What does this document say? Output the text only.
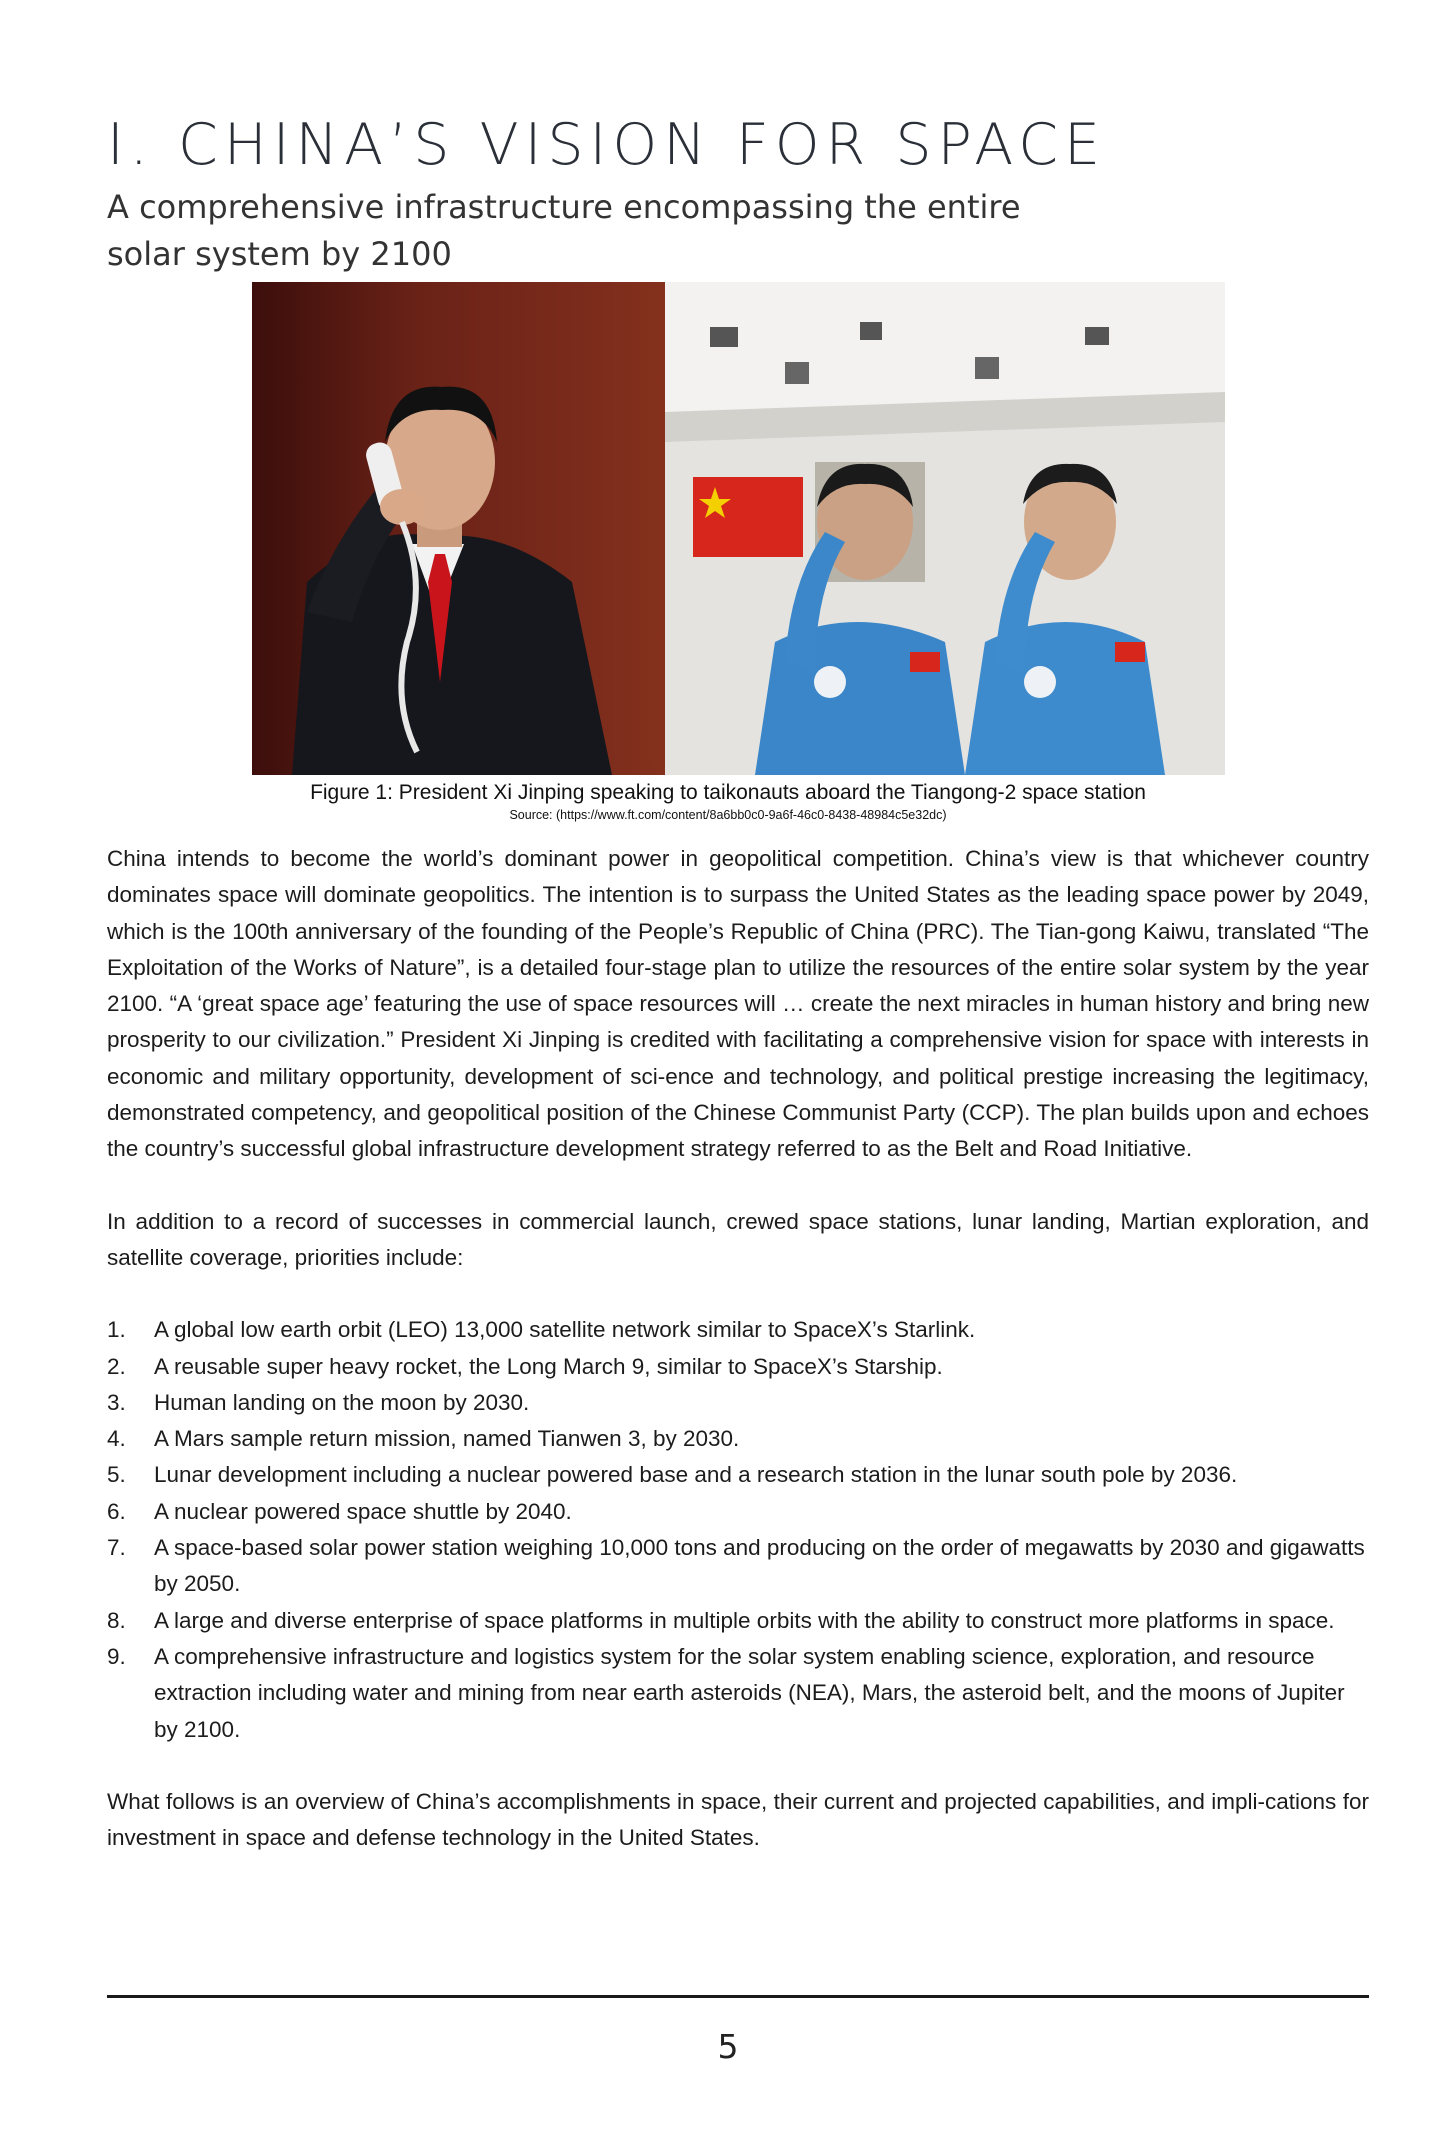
I. CHINA’S VISION FOR SPACE
A comprehensive infrastructure encompassing the entire solar system by 2100
Figure 1: President Xi Jinping speaking to taikonauts aboard the Tiangong-2 space station
Source: (https://www.ft.com/content/8a6bb0c0-9a6f-46c0-8438-48984c5e32dc)

China intends to become the world’s dominant power in geopolitical competition. China’s view is that whichever country dominates space will dominate geopolitics. The intention is to surpass the United States as the leading space power by 2049, which is the 100th anniversary of the founding of the People’s Republic of China (PRC). The Tian-gong Kaiwu, translated “The Exploitation of the Works of Nature”, is a detailed four-stage plan to utilize the resources of the entire solar system by the year 2100. “A ‘great space age’ featuring the use of space resources will … create the next miracles in human history and bring new prosperity to our civilization.” President Xi Jinping is credited with facilitating a comprehensive vision for space with interests in economic and military opportunity, development of sci-ence and technology, and political prestige increasing the legitimacy, demonstrated competency, and geopolitical position of the Chinese Communist Party (CCP). The plan builds upon and echoes the country’s successful global infrastructure development strategy referred to as the Belt and Road Initiative.

In addition to a record of successes in commercial launch, crewed space stations, lunar landing, Martian exploration, and satellite coverage, priorities include:

1. A global low earth orbit (LEO) 13,000 satellite network similar to SpaceX’s Starlink.
2. A reusable super heavy rocket, the Long March 9, similar to SpaceX’s Starship.
3. Human landing on the moon by 2030.
4. A Mars sample return mission, named Tianwen 3, by 2030.
5. Lunar development including a nuclear powered base and a research station in the lunar south pole by 2036.
6. A nuclear powered space shuttle by 2040.
7. A space-based solar power station weighing 10,000 tons and producing on the order of megawatts by 2030 and gigawatts by 2050.
8. A large and diverse enterprise of space platforms in multiple orbits with the ability to construct more platforms in space.
9. A comprehensive infrastructure and logistics system for the solar system enabling science, exploration, and resource extraction including water and mining from near earth asteroids (NEA), Mars, the asteroid belt, and the moons of Jupiter by 2100.

What follows is an overview of China’s accomplishments in space, their current and projected capabilities, and impli-cations for investment in space and defense technology in the United States.

5
